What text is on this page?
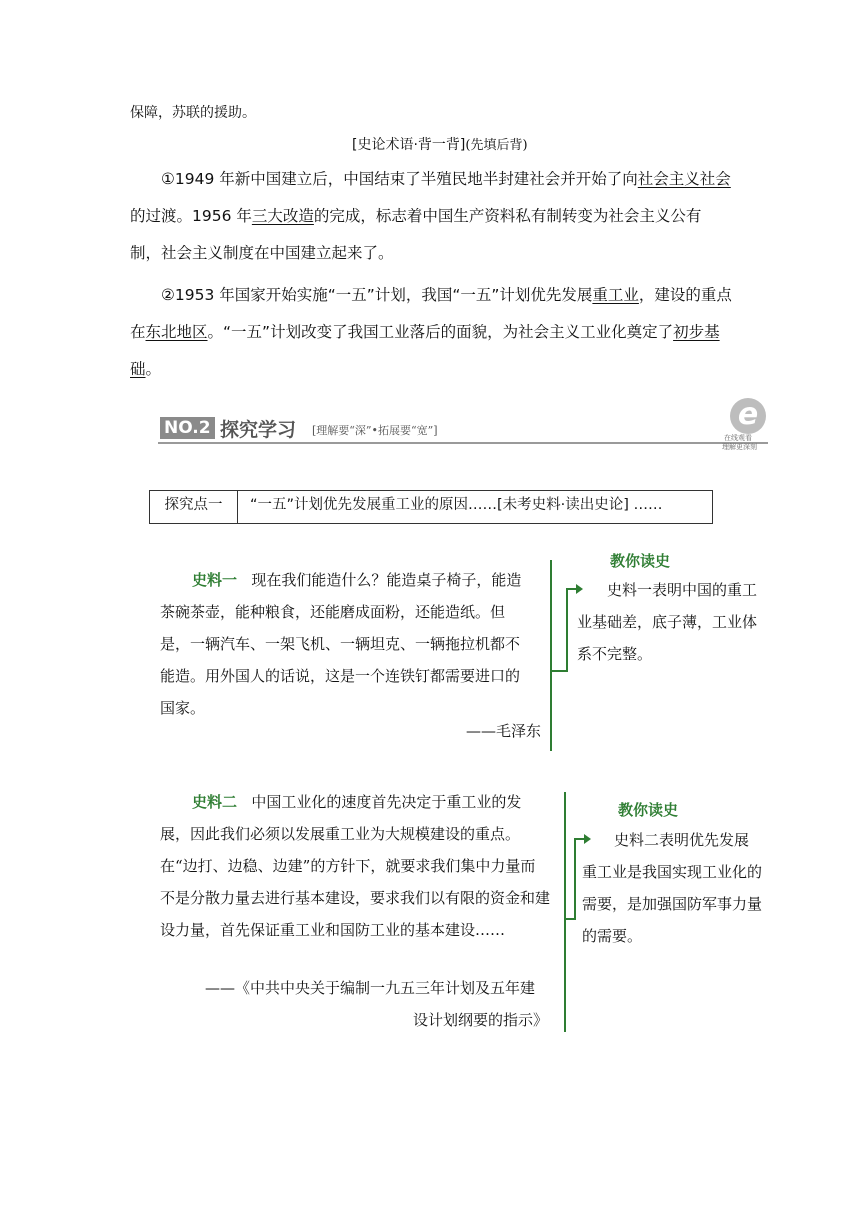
保障，苏联的援助。
[史论术语·背一背](先填后背)
①1949 年新中国建立后，中国结束了半殖民地半封建社会并开始了向社会主义社会的过渡。1956 年三大改造的完成，标志着中国生产资料私有制转变为社会主义公有制，社会主义制度在中国建立起来了。
②1953 年国家开始实施“一五”计划，我国“一五”计划优先发展重工业，建设的重点在东北地区。“一五”计划改变了我国工业落后的面貌，为社会主义工业化奠定了初步基础。
NO.2 探究学习 [理解要“深”•拓展要“宽”]	e
在线观看
理解更深刻
探究点一	“一五”计划优先发展重工业的原因……[未考史料·读出史论] ……
史料一 现在我们能造什么？能造桌子椅子，能造茶碗茶壶，能种粮食，还能磨成面粉，还能造纸。但是，一辆汽车、一架飞机、一辆坦克、一辆拖拉机都不能造。用外国人的话说，这是一个连铁钉都需要进口的国家。
——毛泽东
教你读史
史料一表明中国的重工业基础差，底子薄，工业体系不完整。
史料二 中国工业化的速度首先决定于重工业的发展，因此我们必须以发展重工业为大规模建设的重点。在“边打、边稳、边建”的方针下，就要求我们集中力量而不是分散力量去进行基本建设，要求我们以有限的资金和建设力量，首先保证重工业和国防工业的基本建设……
——《中共中央关于编制一九五三年计划及五年建
设计划纲要的指示》
教你读史
史料二表明优先发展重工业是我国实现工业化的需要，是加强国防军事力量的需要。
